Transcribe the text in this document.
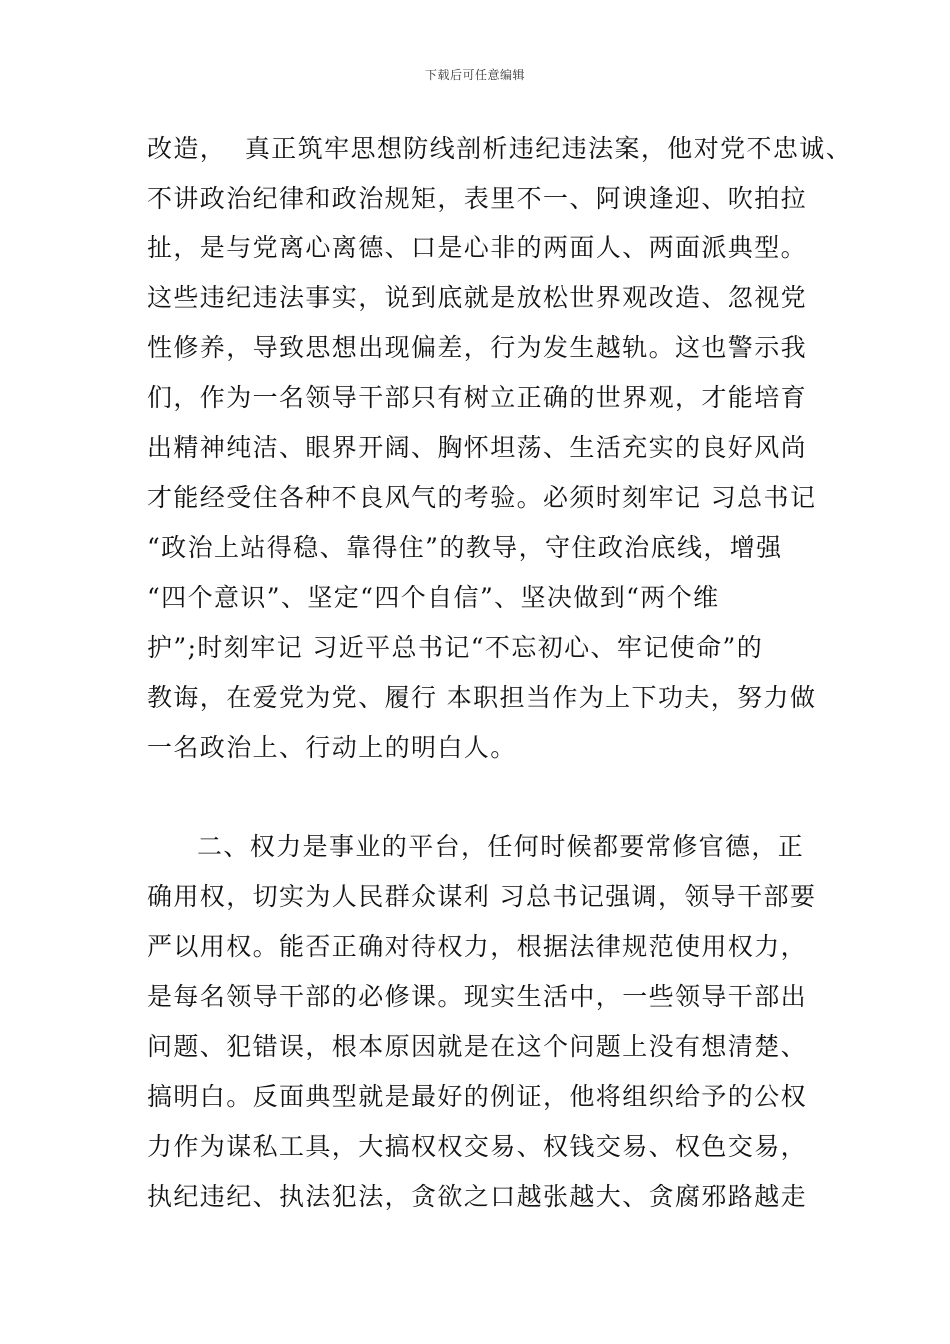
下载后可任意编辑
改造，  真正筑牢思想防线剖析违纪违法案，他对党不忠诚、
不讲政治纪律和政治规矩，表里不一、阿谀逢迎、吹拍拉
扯，是与党离心离德、口是心非的两面人、两面派典型。
这些违纪违法事实，说到底就是放松世界观改造、忽视党
性修养，导致思想出现偏差，行为发生越轨。这也警示我
们，作为一名领导干部只有树立正确的世界观，才能培育
出精神纯洁、眼界开阔、胸怀坦荡、生活充实的良好风尚
才能经受住各种不良风气的考验。必须时刻牢记 习总书记
“政治上站得稳、靠得住”的教导，守住政治底线，增强
“四个意识”、坚定“四个自信”、坚决做到“两个维
护”;时刻牢记 习近平总书记“不忘初心、牢记使命”的
教诲，在爱党为党、履行 本职担当作为上下功夫，努力做
一名政治上、行动上的明白人。
二、权力是事业的平台，任何时候都要常修官德，正
确用权，切实为人民群众谋利 习总书记强调，领导干部要
严以用权。能否正确对待权力，根据法律规范使用权力，
是每名领导干部的必修课。现实生活中，一些领导干部出
问题、犯错误，根本原因就是在这个问题上没有想清楚、
搞明白。反面典型就是最好的例证，他将组织给予的公权
力作为谋私工具，大搞权权交易、权钱交易、权色交易，
执纪违纪、执法犯法，贪欲之口越张越大、贪腐邪路越走
